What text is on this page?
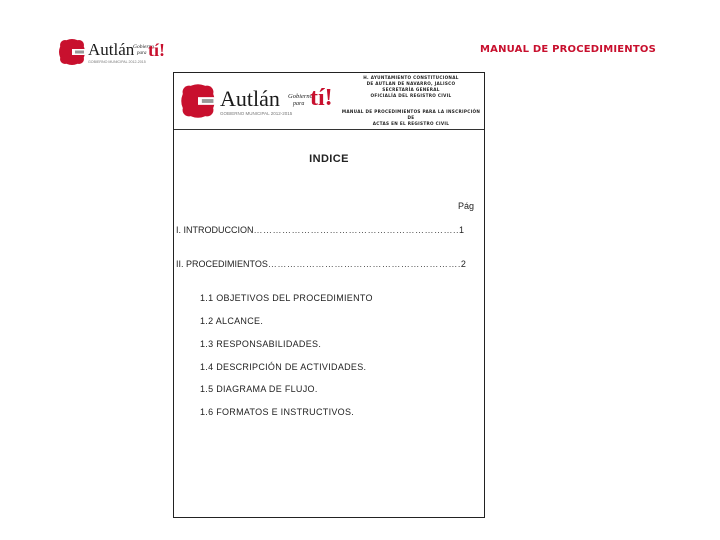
Autlán
GOBIERNO MUNICIPAL 2012-2015
Gobierno
para tí!	MANUAL DE PROCEDIMIENTOS
Autlán
GOBIERNO MUNICIPAL 2012-2015
Gobierno
para tí!
H. AYUNTAMIENTO CONSTITUCIONAL
DE AUTLAN DE NAVARRO, JALISCO
SECRETARÍA GENERAL
OFICIALÍA DEL REGISTRO CIVIL
MANUAL DE PROCEDIMIENTOS PARA LA INSCRIPCIÓN DE
ACTAS EN EL REGISTRO CIVIL
INDICE
Pág
I. INTRODUCCION………………………………………………………..1
II. PROCEDIMIENTOS…………………………………………………….2
1.1 OBJETIVOS DEL PROCEDIMIENTO
1.2 ALCANCE.
1.3 RESPONSABILIDADES.
1.4 DESCRIPCIÓN DE ACTIVIDADES.
1.5 DIAGRAMA DE FLUJO.
1.6 FORMATOS E INSTRUCTIVOS.
